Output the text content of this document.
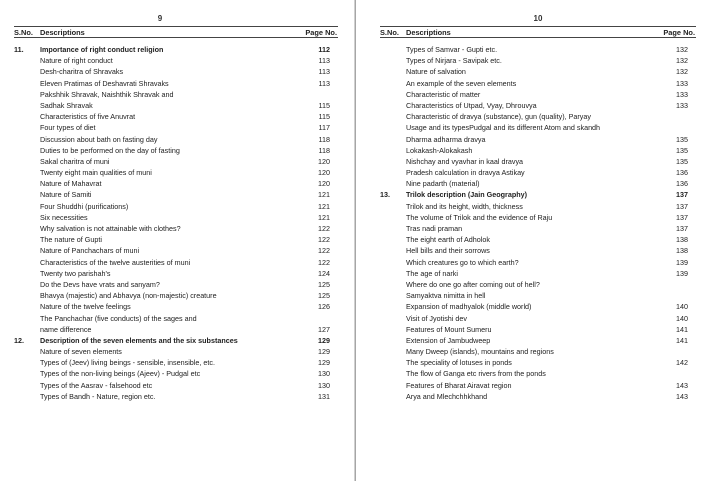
9
S.No. Descriptions	Page No.
11. Importance of right conduct religion	112
Nature of right conduct	113
Desh-charitra of Shravaks	113
Eleven Pratimas of Deshavrati Shravaks	113
Pakshhik Shravak, Naishthik Shravak and
Sadhak Shravak	115
Characteristics of five Anuvrat	115
Four types of diet	117
Discussion about bath on fasting day	118
Duties to be performed on the day of fasting	118
Sakal charitra of muni	120
Twenty eight main qualities of muni	120
Nature of Mahavrat	120
Nature of Samiti	121
Four Shuddhi (purifications)	121
Six necessities	121
Why salvation is not attainable with clothes?	122
The nature of Gupti	122
Nature of Panchachars of muni	122
Characteristics of the twelve austerities of muni	122
Twenty two parishah's	124
Do the Devs have vrats and sanyam?	125
Bhavya (majestic) and Abhavya (non-majestic) creature	125
Nature of the twelve feelings	126
The Panchachar (five conducts) of the sages and
name difference	127
12. Description of the seven elements and the six substances	129
Nature of seven elements	129
Types of (Jeev) living beings - sensible, insensible, etc.	129
Types of the non-living beings (Ajeev) - Pudgal etc	130
Types of the Aasrav - falsehood etc	130
Types of Bandh - Nature, region etc.	131
10
S.No. Descriptions	Page No.
Types of Samvar - Gupti etc.	132
Types of Nirjara - Savipak etc.	132
Nature of salvation	132
An example of the seven elements	133
Characteristic of matter	133
Characteristics of Utpad, Vyay, Dhrouvya	133
Characteristic of dravya (substance), gun (quality), Paryay
Usage and its typesPudgal and its different Atom and skandh
Dharma adharma dravya	135
Lokakash-Alokakash	135
Nishchay and vyavhar in kaal dravya	135
Pradesh calculation in dravya Astikay	136
Nine padarth (material)	136
13. Trilok description (Jain Geography)	137
Trilok and its height, width, thickness	137
The volume of Trilok and the evidence of Raju	137
Tras nadi praman	137
The eight earth of Adholok	138
Hell bills and their sorrows	138
Which creatures go to which earth?	139
The age of narki	139
Where do one go after coming out of hell?
Samyaktva nimitta in hell
Expansion of madhyalok (middle world)	140
Visit of Jyotishi dev	140
Features of Mount Sumeru	141
Extension of Jambudweep	141
Many Dweep (islands), mountains and regions
The speciality of lotuses in ponds	142
The flow of Ganga etc rivers from the ponds
Features of Bharat Airavat region	143
Arya and Mlechchhkhand	143
